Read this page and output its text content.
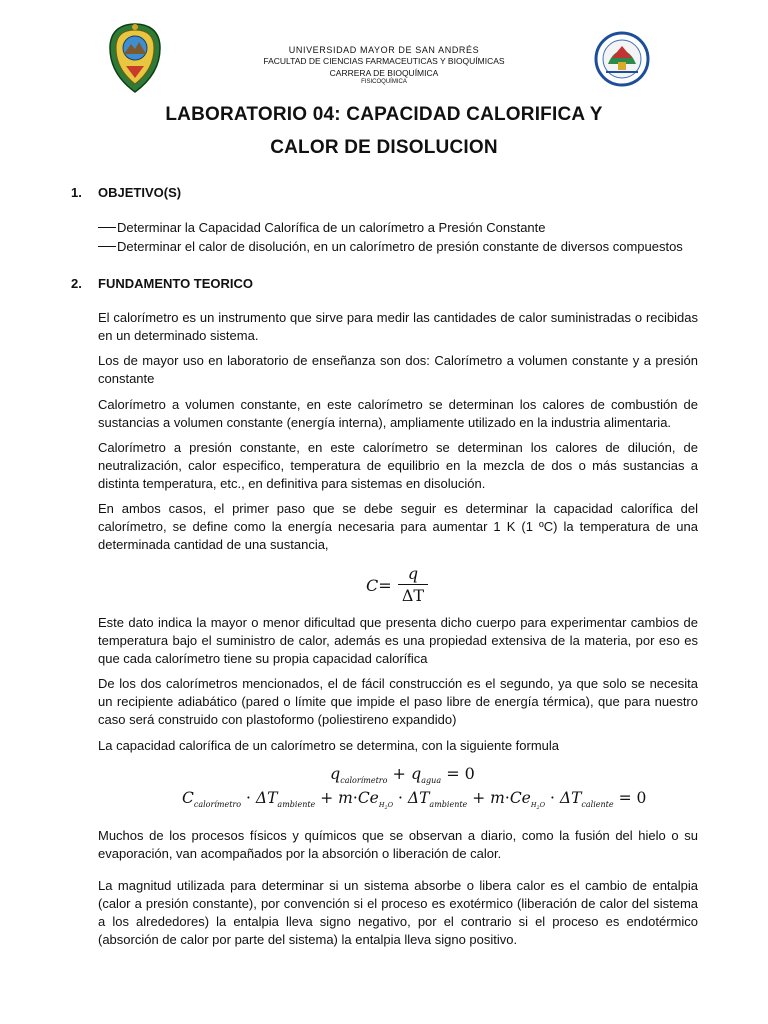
UNIVERSIDAD MAYOR DE SAN ANDRÉS
FACULTAD DE CIENCIAS FARMACEUTICAS Y BIOQUÍMICAS
CARRERA DE BIOQUÍMICA
FISICOQUÍMICA
LABORATORIO 04: CAPACIDAD CALORIFICA Y
CALOR DE DISOLUCION
1. OBJETIVO(S)
Determinar la Capacidad Calorífica de un calorímetro a Presión Constante
Determinar el calor de disolución, en un calorímetro de presión constante de diversos compuestos
2. FUNDAMENTO TEORICO
El calorímetro es un instrumento que sirve para medir las cantidades de calor suministradas o recibidas en un determinado sistema.
Los de mayor uso en laboratorio de enseñanza son dos: Calorímetro a volumen constante y a presión constante
Calorímetro a volumen constante, en este calorímetro se determinan los calores de combustión de sustancias a volumen constante (energía interna), ampliamente utilizado en la industria alimentaria.
Calorímetro a presión constante, en este calorímetro se determinan los calores de dilución, de neutralización, calor especifico, temperatura de equilibrio en la mezcla de dos o más sustancias a distinta temperatura, etc., en definitiva para sistemas en disolución.
En ambos casos, el primer paso que se debe seguir es determinar la capacidad calorífica del calorímetro, se define como la energía necesaria para aumentar 1 K (1 ºC) la temperatura de una determinada cantidad de una sustancia,
C=
q
ΔT
Este dato indica la mayor o menor dificultad que presenta dicho cuerpo para experimentar cambios de temperatura bajo el suministro de calor, además es una propiedad extensiva de la materia, por eso es que cada calorímetro tiene su propia capacidad calorífica
De los dos calorímetros mencionados, el de fácil construcción es el segundo, ya que solo se necesita un recipiente adiabático (pared o límite que impide el paso libre de energía térmica), que para nuestro caso será construido con plastoformo (poliestireno expandido)
La capacidad calorífica de un calorímetro se determina, con la siguiente formula
$q_{calorímetro} + q_{agua} = 0$
$C_{calorímetro} \cdot \Delta T_{ambiente} + m\cdot Ce_{H2O} \cdot \Delta T_{ambiente} + m\cdot Ce_{H2O} \cdot \Delta T_{caliente} = 0$
Muchos de los procesos físicos y químicos que se observan a diario, como la fusión del hielo o su evaporación, van acompañados por la absorción o liberación de calor.
La magnitud utilizada para determinar si un sistema absorbe o libera calor es el cambio de entalpia (calor a presión constante), por convención si el proceso es exotérmico (liberación de calor del sistema a los alrededores) la entalpia lleva signo negativo, por el contrario si el proceso es endotérmico (absorción de calor por parte del sistema) la entalpia lleva signo positivo.
